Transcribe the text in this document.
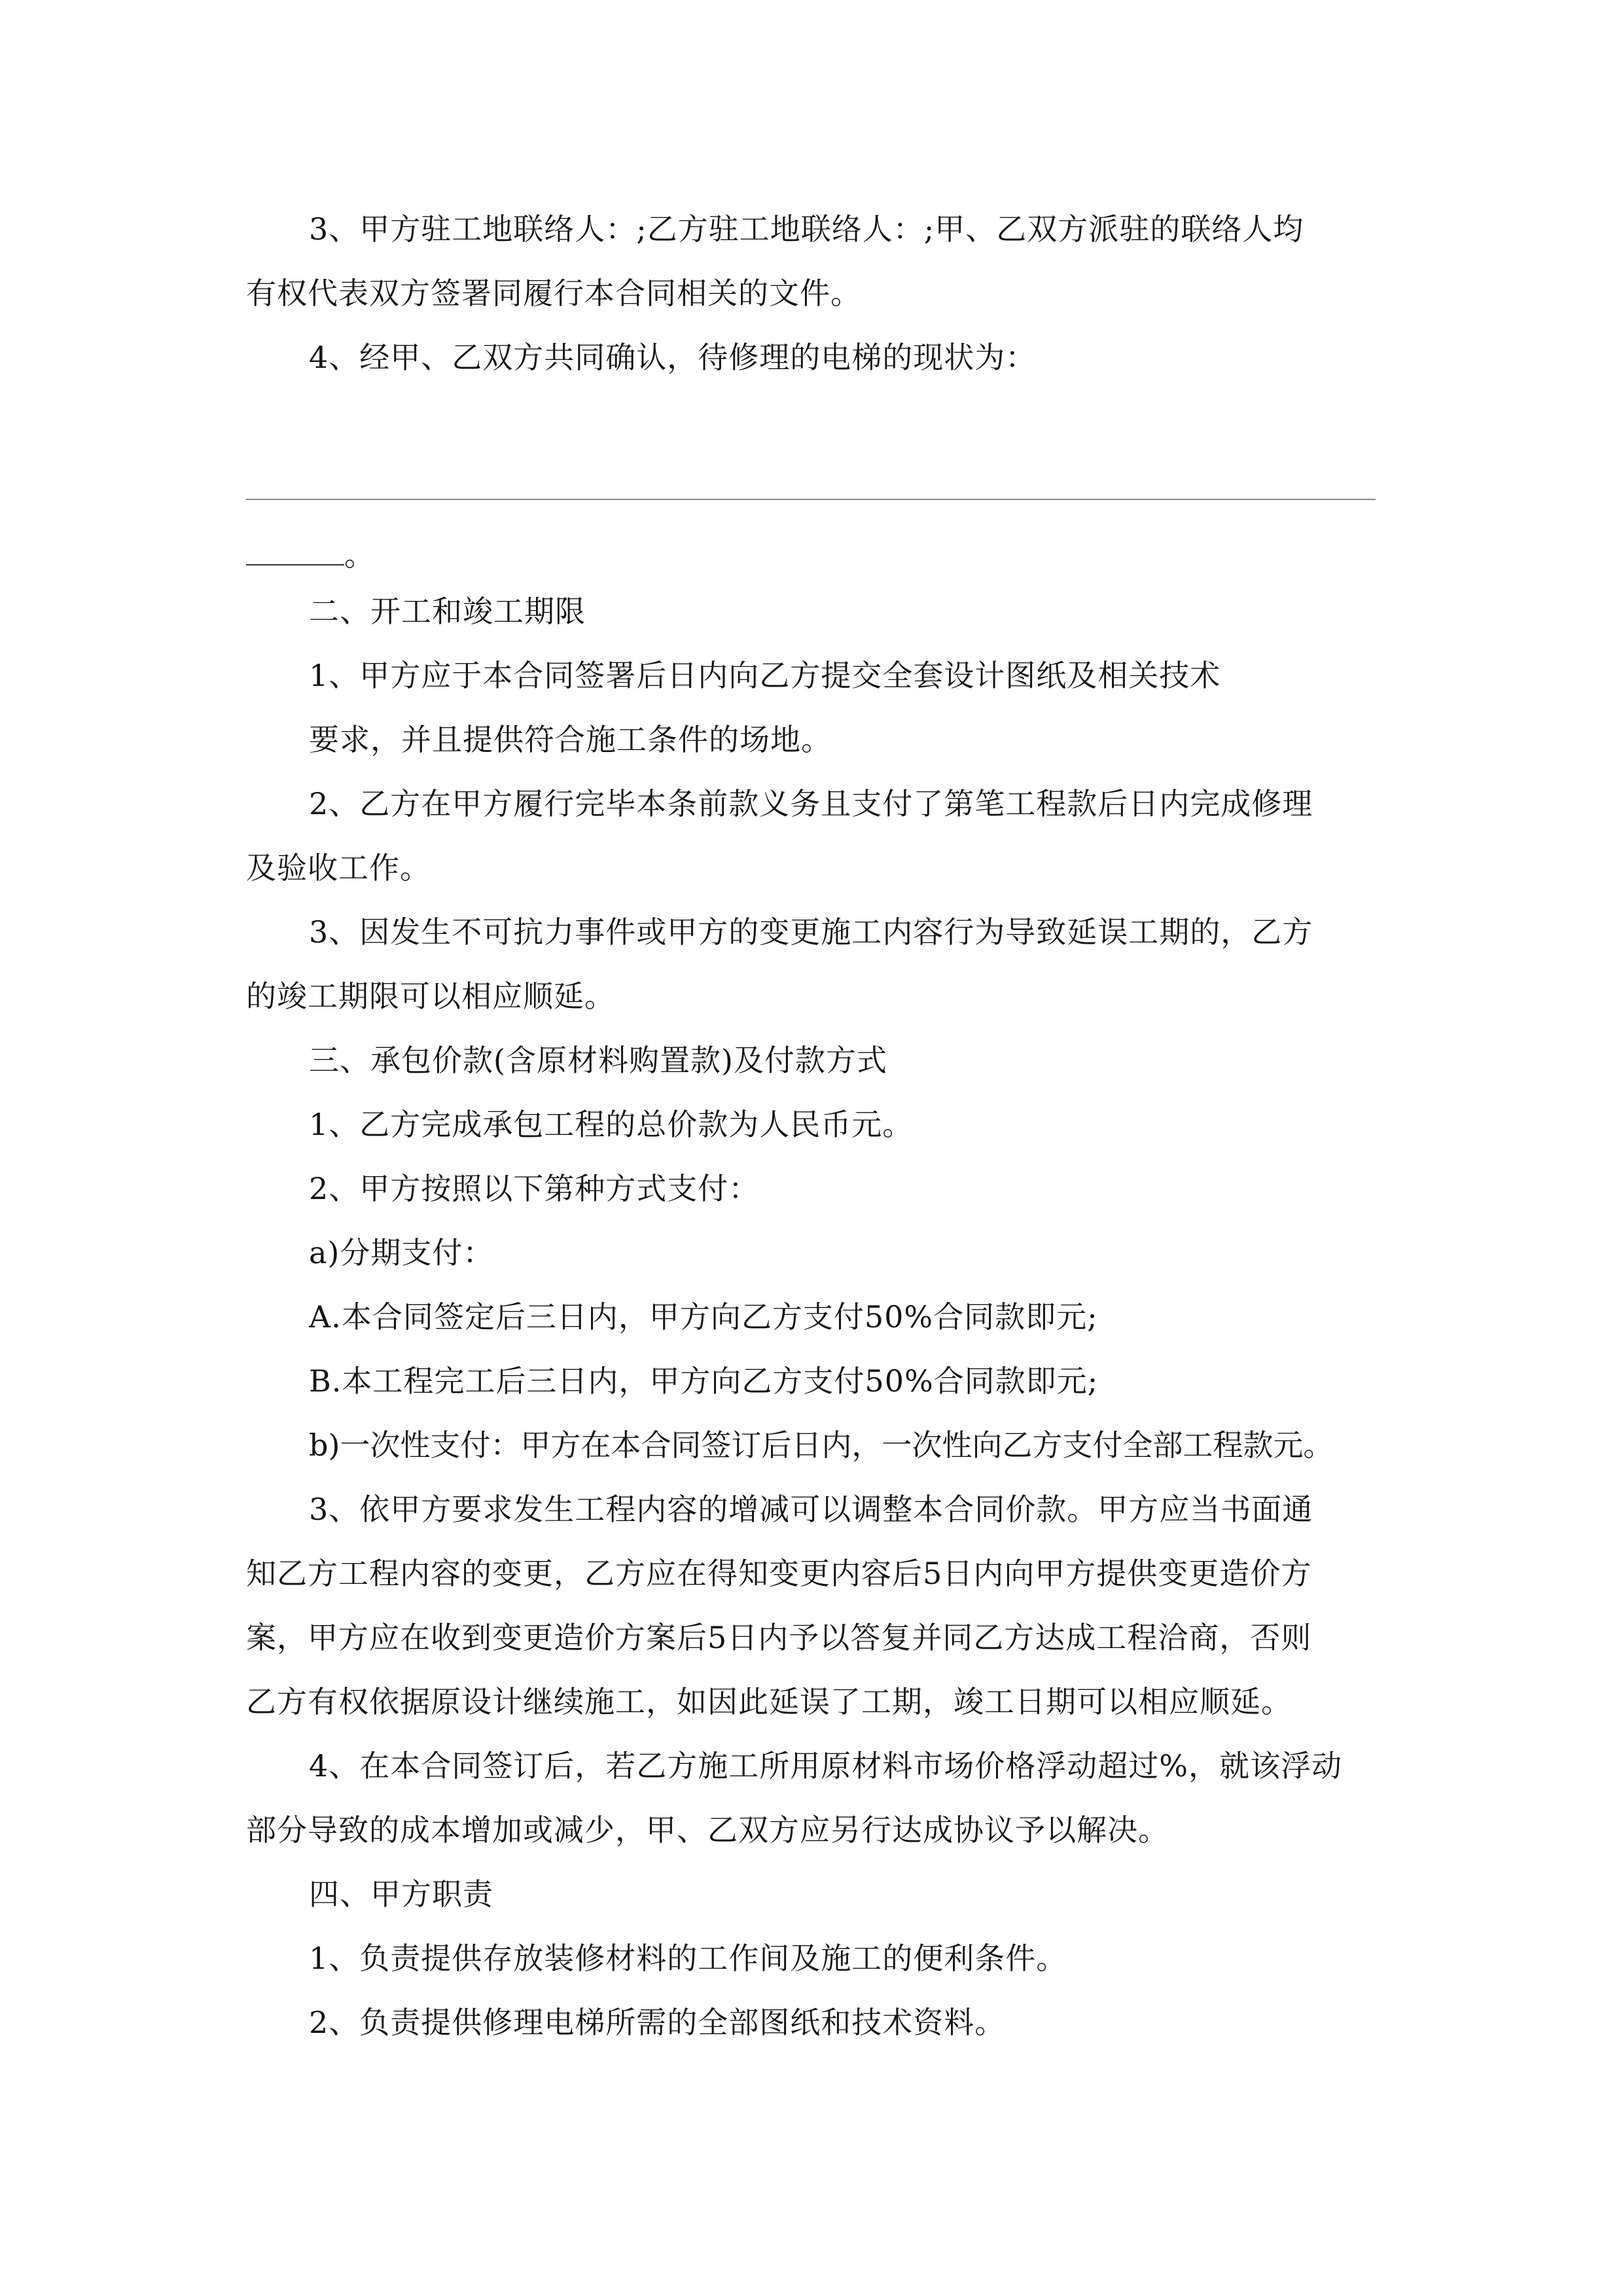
3、甲方驻工地联络人：;乙方驻工地联络人：;甲、乙双方派驻的联络人均
有权代表双方签署同履行本合同相关的文件。
4、经甲、乙双方共同确认，待修理的电梯的现状为：
。
二、开工和竣工期限
1、甲方应于本合同签署后日内向乙方提交全套设计图纸及相关技术
要求，并且提供符合施工条件的场地。
2、乙方在甲方履行完毕本条前款义务且支付了第笔工程款后日内完成修理
及验收工作。
3、因发生不可抗力事件或甲方的变更施工内容行为导致延误工期的，乙方
的竣工期限可以相应顺延。
三、承包价款(含原材料购置款)及付款方式
1、乙方完成承包工程的总价款为人民币元。
2、甲方按照以下第种方式支付：
a)分期支付：
A.本合同签定后三日内，甲方向乙方支付50%合同款即元;
B.本工程完工后三日内，甲方向乙方支付50%合同款即元;
b)一次性支付：甲方在本合同签订后日内，一次性向乙方支付全部工程款元。
3、依甲方要求发生工程内容的增减可以调整本合同价款。甲方应当书面通
知乙方工程内容的变更，乙方应在得知变更内容后5日内向甲方提供变更造价方
案，甲方应在收到变更造价方案后5日内予以答复并同乙方达成工程洽商，否则
乙方有权依据原设计继续施工，如因此延误了工期，竣工日期可以相应顺延。
4、在本合同签订后，若乙方施工所用原材料市场价格浮动超过%，就该浮动
部分导致的成本增加或减少，甲、乙双方应另行达成协议予以解决。
四、甲方职责
1、负责提供存放装修材料的工作间及施工的便利条件。
2、负责提供修理电梯所需的全部图纸和技术资料。
